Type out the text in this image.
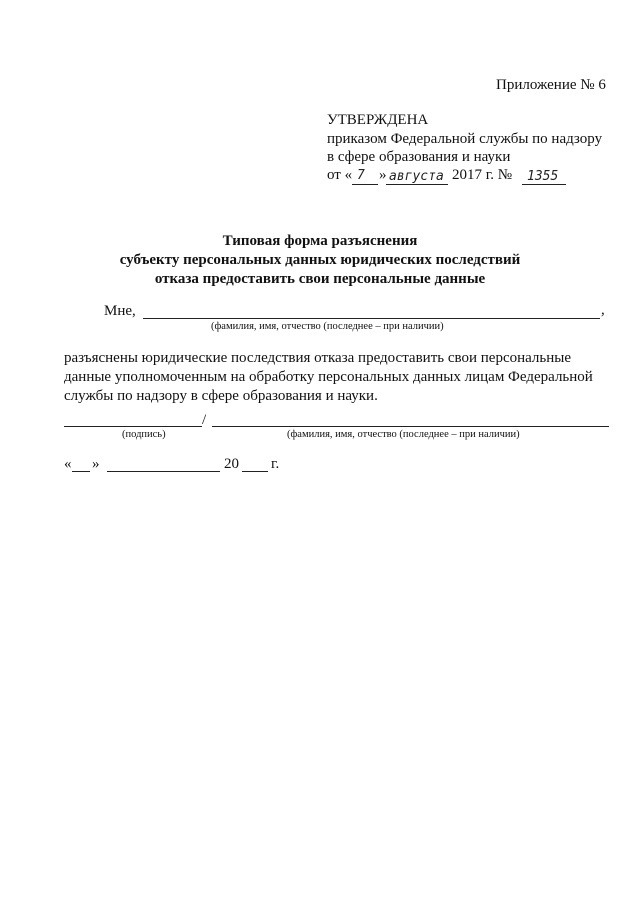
Приложение № 6
УТВЕРЖДЕНА
приказом Федеральной службы по надзору
в сфере образования и науки
от « 7 » августа 2017 г. № 1355
Типовая форма разъяснения
субъекту персональных данных юридических последствий
отказа предоставить свои персональные данные
Мне,	,
(фамилия, имя, отчество (последнее – при наличии)
разъяснены юридические последствия отказа предоставить свои персональные
данные уполномоченным на обработку персональных данных лицам Федеральной
службы по надзору в сфере образования и науки.
/
(подпись)	(фамилия, имя, отчество (последнее – при наличии)
« »	20 г.
